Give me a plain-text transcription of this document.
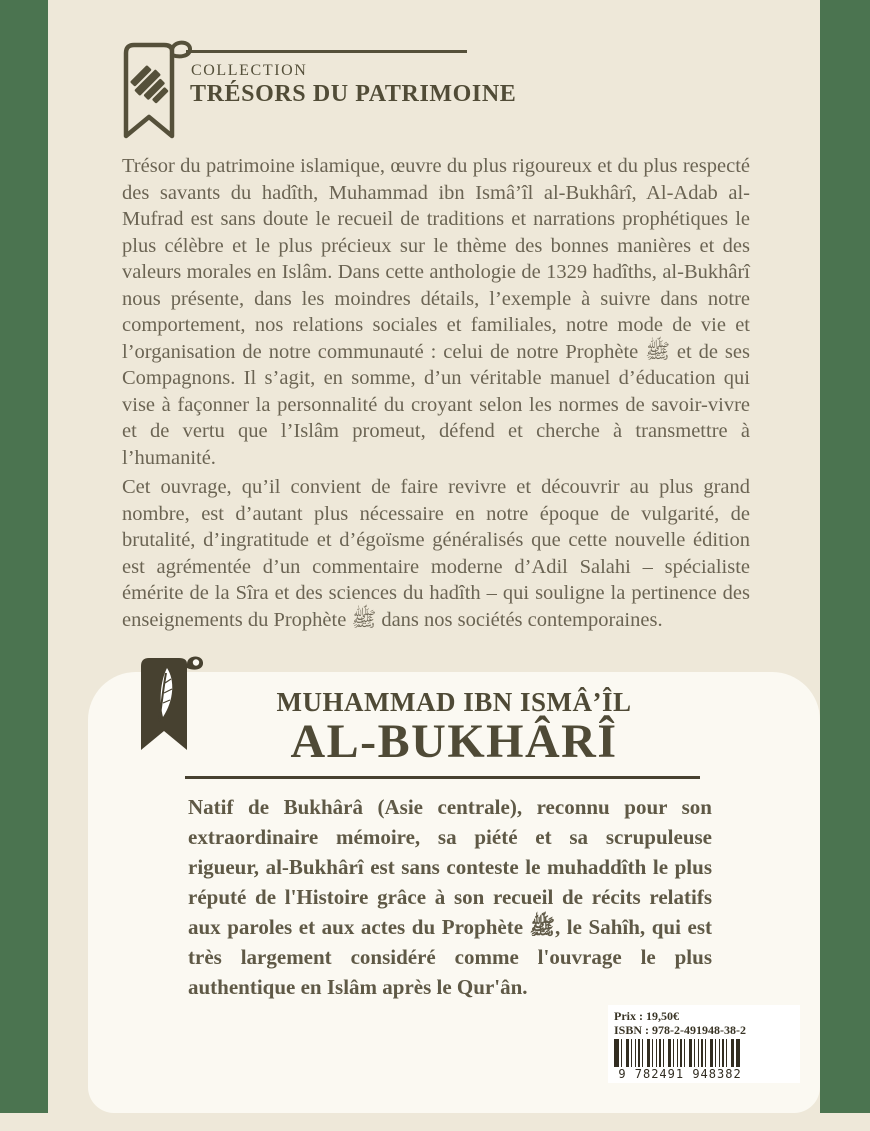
COLLECTION
TRÉSORS DU PATRIMOINE

Trésor du patrimoine islamique, œuvre du plus rigoureux et du plus respecté des savants du hadîth, Muhammad ibn Ismâ’îl al-Bukhârî, Al-Adab al-Mufrad est sans doute le recueil de traditions et narrations prophétiques le plus célèbre et le plus précieux sur le thème des bonnes manières et des valeurs morales en Islâm. Dans cette anthologie de 1329 hadîths, al-Bukhârî nous présente, dans les moindres détails, l’exemple à suivre dans notre comportement, nos relations sociales et familiales, notre mode de vie et l’organisation de notre communauté : celui de notre Prophète ﷺ et de ses Compagnons. Il s’agit, en somme, d’un véritable manuel d’éducation qui vise à façonner la personnalité du croyant selon les normes de savoir-vivre et de vertu que l’Islâm promeut, défend et cherche à transmettre à l’humanité.

Cet ouvrage, qu’il convient de faire revivre et découvrir au plus grand nombre, est d’autant plus nécessaire en notre époque de vulgarité, de brutalité, d’ingratitude et d’égoïsme généralisés que cette nouvelle édition est agrémentée d’un commentaire moderne d’Adil Salahi – spécialiste émérite de la Sîra et des sciences du hadîth – qui souligne la pertinence des enseignements du Prophète ﷺ dans nos sociétés contemporaines.

MUHAMMAD IBN ISMÂ’ÎL
AL-BUKHÂRÎ

Natif de Bukhârâ (Asie centrale), reconnu pour son extraordinaire mémoire, sa piété et sa scrupuleuse rigueur, al-Bukhârî est sans conteste le muhaddîth le plus réputé de l'Histoire grâce à son recueil de récits relatifs aux paroles et aux actes du Prophète ﷺ, le Sahîh, qui est très largement considéré comme l'ouvrage le plus authentique en Islâm après le Qur'ân.

Prix : 19,50€
ISBN : 978-2-491948-38-2
9 782491 948382
